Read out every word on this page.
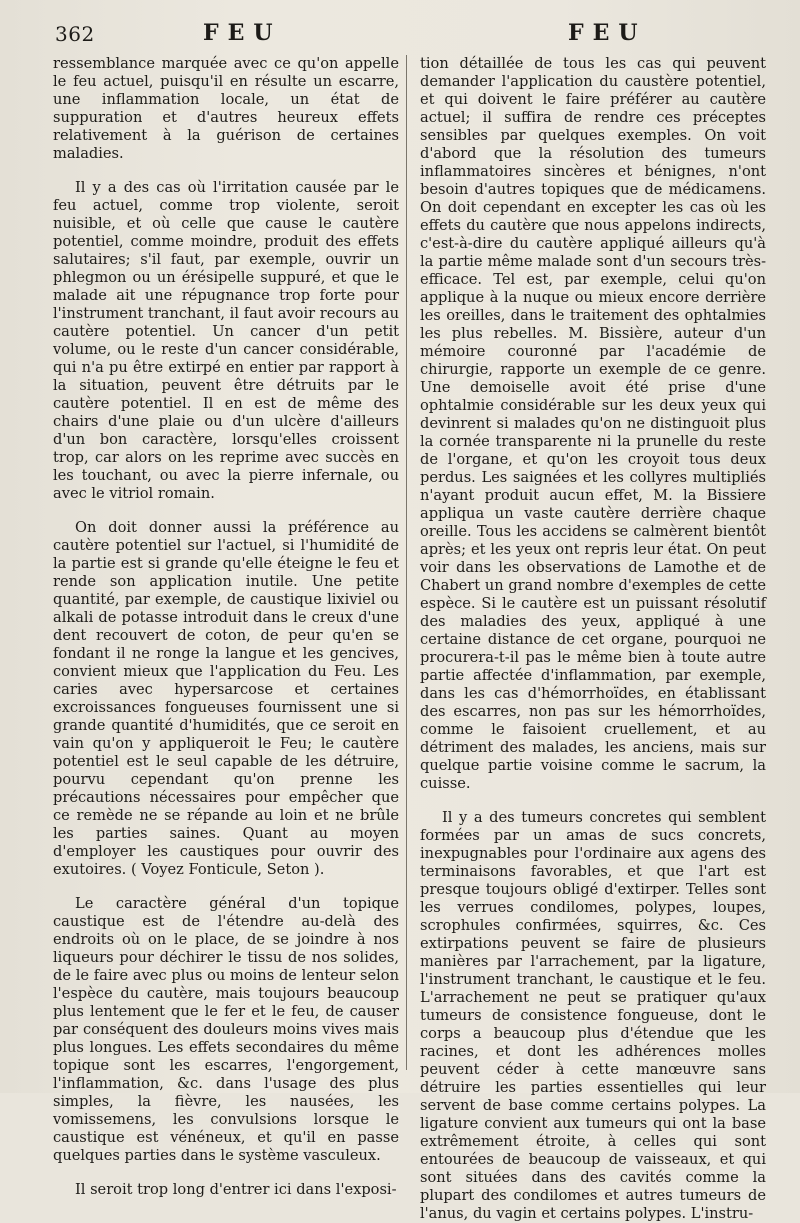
362	FEU	FEU

ressemblance marquée avec ce qu'on appelle le feu actuel, puisqu'il en résulte un escarre, une inflammation locale, un état de suppuration et d'autres heureux effets relativement à la guérison de certaines maladies.

Il y a des cas où l'irritation causée par le feu actuel, comme trop violente, seroit nuisible, et où celle que cause le cautère potentiel, comme moindre, produit des effets salutaires; s'il faut, par exemple, ouvrir un phlegmon ou un érésipelle suppuré, et que le malade ait une répugnance trop forte pour l'instrument tranchant, il faut avoir recours au cautère potentiel. Un cancer d'un petit volume, ou le reste d'un cancer considérable, qui n'a pu être extirpé en entier par rapport à la situation, peuvent être détruits par le cautère potentiel. Il en est de même des chairs d'une plaie ou d'un ulcère d'ailleurs d'un bon caractère, lorsqu'elles croissent trop, car alors on les reprime avec succès en les touchant, ou avec la pierre infernale, ou avec le vitriol romain.

On doit donner aussi la préférence au cautère potentiel sur l'actuel, si l'humidité de la partie est si grande qu'elle éteigne le feu et rende son application inutile. Une petite quantité, par exemple, de caustique lixiviel ou alkali de potasse introduit dans le creux d'une dent recouvert de coton, de peur qu'en se fondant il ne ronge la langue et les gencives, convient mieux que l'application du Feu. Les caries avec hypersarcose et certaines excroissances fongueuses fournissent une si grande quantité d'humidités, que ce seroit en vain qu'on y appliqueroit le Feu; le cautère potentiel est le seul capable de les détruire, pourvu cependant qu'on prenne les précautions nécessaires pour empêcher que ce remède ne se répande au loin et ne brûle les parties saines. Quant au moyen d'employer les caustiques pour ouvrir des exutoires. ( Voyez Fonticule, Seton ).

Le caractère général d'un topique caustique est de l'étendre au-delà des endroits où on le place, de se joindre à nos liqueurs pour déchirer le tissu de nos solides, de le faire avec plus ou moins de lenteur selon l'espèce du cautère, mais toujours beaucoup plus lentement que le fer et le feu, de causer par conséquent des douleurs moins vives mais plus longues. Les effets secondaires du même topique sont les escarres, l'engorgement, l'inflammation, &c. dans l'usage des plus simples, la fièvre, les nausées, les vomissemens, les convulsions lorsque le caustique est vénéneux, et qu'il en passe quelques parties dans le système vasculeux.

Il seroit trop long d'entrer ici dans l'exposi-

tion détaillée de tous les cas qui peuvent demander l'application du caustère potentiel, et qui doivent le faire préférer au cautère actuel; il suffira de rendre ces préceptes sensibles par quelques exemples. On voit d'abord que la résolution des tumeurs inflammatoires sincères et bénignes, n'ont besoin d'autres topiques que de médicamens. On doit cependant en excepter les cas où les effets du cautère que nous appelons indirects, c'est-à-dire du cautère appliqué ailleurs qu'à la partie même malade sont d'un secours très-efficace. Tel est, par exemple, celui qu'on applique à la nuque ou mieux encore derrière les oreilles, dans le traitement des ophtalmies les plus rebelles. M. Bissière, auteur d'un mémoire couronné par l'académie de chirurgie, rapporte un exemple de ce genre. Une demoiselle avoit été prise d'une ophtalmie considérable sur les deux yeux qui devinrent si malades qu'on ne distinguoit plus la cornée transparente ni la prunelle du reste de l'organe, et qu'on les croyoit tous deux perdus. Les saignées et les collyres multipliés n'ayant produit aucun effet, M. la Bissiere appliqua un vaste cautère derrière chaque oreille. Tous les accidens se calmèrent bientôt après; et les yeux ont repris leur état. On peut voir dans les observations de Lamothe et de Chabert un grand nombre d'exemples de cette espèce. Si le cautère est un puissant résolutif des maladies des yeux, appliqué à une certaine distance de cet organe, pourquoi ne procurera-t-il pas le même bien à toute autre partie affectée d'inflammation, par exemple, dans les cas d'hémorrhoïdes, en établissant des escarres, non pas sur les hémorrhoïdes, comme le faisoient cruellement, et au détriment des malades, les anciens, mais sur quelque partie voisine comme le sacrum, la cuisse.

Il y a des tumeurs concretes qui semblent formées par un amas de sucs concrets, inexpugnables pour l'ordinaire aux agens des terminaisons favorables, et que l'art est presque toujours obligé d'extirper. Telles sont les verrues condilomes, polypes, loupes, scrophules confirmées, squirres, &c. Ces extirpations peuvent se faire de plusieurs manières par l'arrachement, par la ligature, l'instrument tranchant, le caustique et le feu. L'arrachement ne peut se pratiquer qu'aux tumeurs de consistence fongueuse, dont le corps a beaucoup plus d'étendue que les racines, et dont les adhérences molles peuvent céder à cette manœuvre sans détruire les parties essentielles qui leur servent de base comme certains polypes. La ligature convient aux tumeurs qui ont la base extrêmement étroite, à celles qui sont entourées de beaucoup de vaisseaux, et qui sont situées dans des cavités comme la plupart des condilomes et autres tumeurs de l'anus, du vagin et certains polypes. L'instru-
